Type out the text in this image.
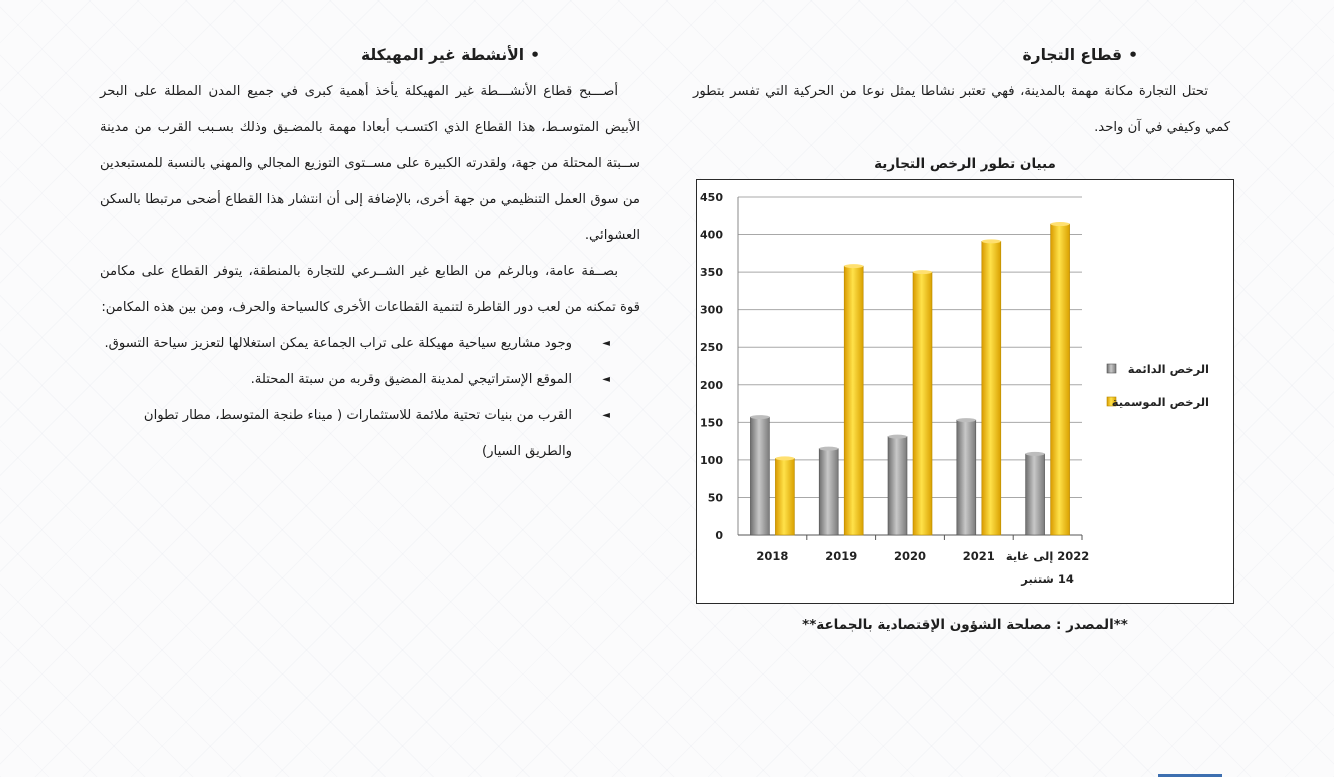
•قطاع التجارة

تحتل التجارة مكانة مهمة بالمدينة، فهي تعتبر نشاطا يمثل نوعا من الحركية التي تفسر بتطور كمي وكيفي في آن واحد.

مبيان تطور الرخص التجارية
0
50
100
150
200
250
300
350
400
450
2018	2019	2020	2021 2022 إلى غاية
14 شتنبر
الرخص الدائمة
الرخص الموسمية
**المصدر : مصلحة الشؤون الإقتصادية بالجماعة**
•الأنشطة غير المهيكلة

أصـــبح قطاع الأنشـــطة غير المهيكلة يأخذ أهمية كبرى في جميع المدن المطلة على البحر الأبيض المتوسـط، هذا القطاع الذي اكتسـب أبعادا مهمة بالمضـيق وذلك بسـبب القرب من مدينة ســبتة المحتلة من جهة، ولقدرته الكبيرة على مســتوى التوزيع المجالي والمهني بالنسبة للمستبعدين من سوق العمل التنظيمي من جهة أخرى، بالإضافة إلى أن انتشار هذا القطاع أضحى مرتبطا بالسكن العشوائي.

بصــفة عامة، وبالرغم من الطابع غير الشــرعي للتجارة بالمنطقة، يتوفر القطاع على مكامن قوة تمكنه من لعب دور القاطرة لتنمية القطاعات الأخرى كالسياحة والحرف، ومن بين هذه المكامن:

◄
وجود مشاريع سياحية مهيكلة على تراب الجماعة يمكن استغلالها لتعزيز سياحة التسوق.
◄
الموقع الإستراتيجي لمدينة المضيق وقربه من سبتة المحتلة.
◄
القرب من بنيات تحتية ملائمة للاستثمارات ( ميناء طنجة المتوسط، مطار تطوان والطريق السيار)
